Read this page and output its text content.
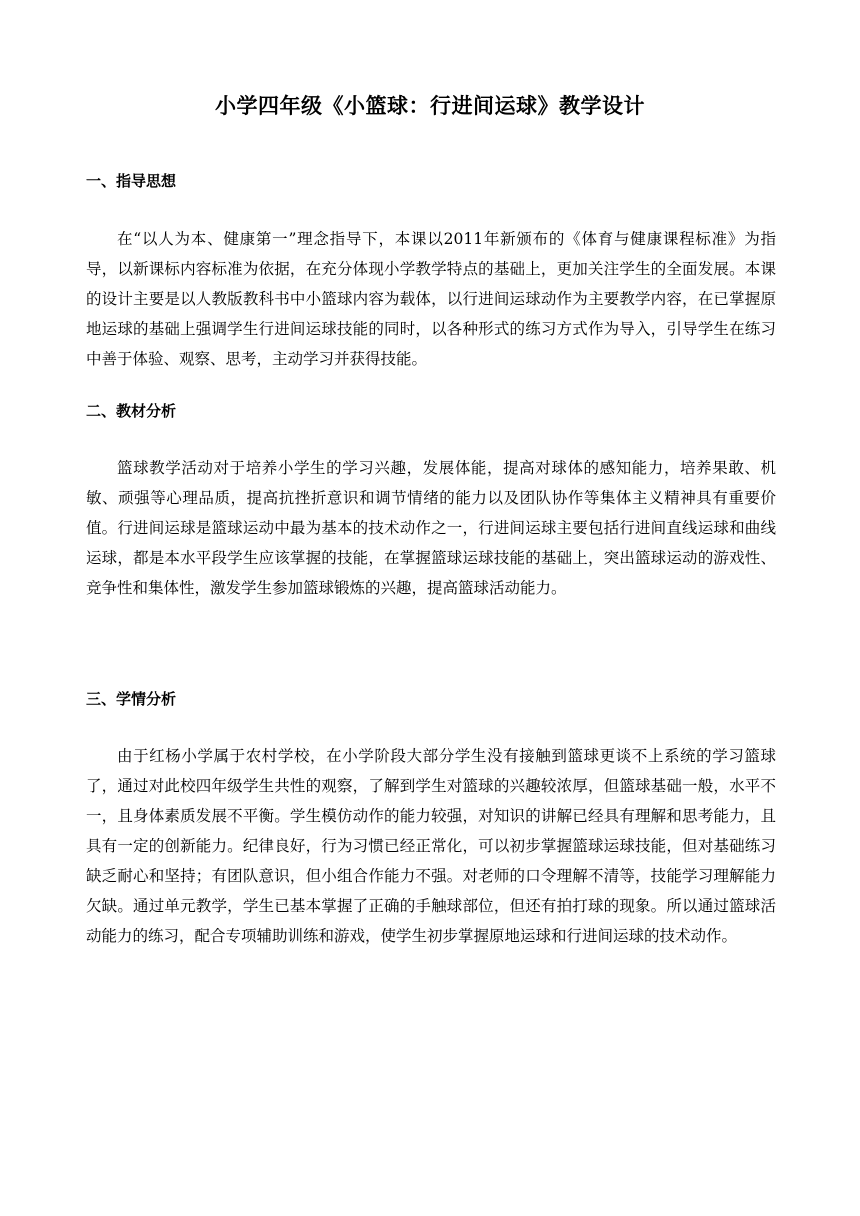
小学四年级《小篮球：行进间运球》教学设计
一、指导思想

在“以人为本、健康第一”理念指导下，本课以2011年新颁布的《体育与健康课程标准》为指导，以新课标内容标准为依据，在充分体现小学教学特点的基础上，更加关注学生的全面发展。本课的设计主要是以人教版教科书中小篮球内容为载体，以行进间运球动作为主要教学内容，在已掌握原地运球的基础上强调学生行进间运球技能的同时，以各种形式的练习方式作为导入，引导学生在练习中善于体验、观察、思考，主动学习并获得技能。

二、教材分析

篮球教学活动对于培养小学生的学习兴趣，发展体能，提高对球体的感知能力，培养果敢、机敏、顽强等心理品质，提高抗挫折意识和调节情绪的能力以及团队协作等集体主义精神具有重要价值。行进间运球是篮球运动中最为基本的技术动作之一，行进间运球主要包括行进间直线运球和曲线运球，都是本水平段学生应该掌握的技能，在掌握篮球运球技能的基础上，突出篮球运动的游戏性、竞争性和集体性，激发学生参加篮球锻炼的兴趣，提高篮球活动能力。

三、学情分析

由于红杨小学属于农村学校，在小学阶段大部分学生没有接触到篮球更谈不上系统的学习篮球了，通过对此校四年级学生共性的观察，了解到学生对篮球的兴趣较浓厚，但篮球基础一般，水平不一，且身体素质发展不平衡。学生模仿动作的能力较强，对知识的讲解已经具有理解和思考能力，且具有一定的创新能力。纪律良好，行为习惯已经正常化，可以初步掌握篮球运球技能，但对基础练习缺乏耐心和坚持；有团队意识，但小组合作能力不强。对老师的口令理解不清等，技能学习理解能力欠缺。通过单元教学，学生已基本掌握了正确的手触球部位，但还有拍打球的现象。所以通过篮球活动能力的练习，配合专项辅助训练和游戏，使学生初步掌握原地运球和行进间运球的技术动作。
